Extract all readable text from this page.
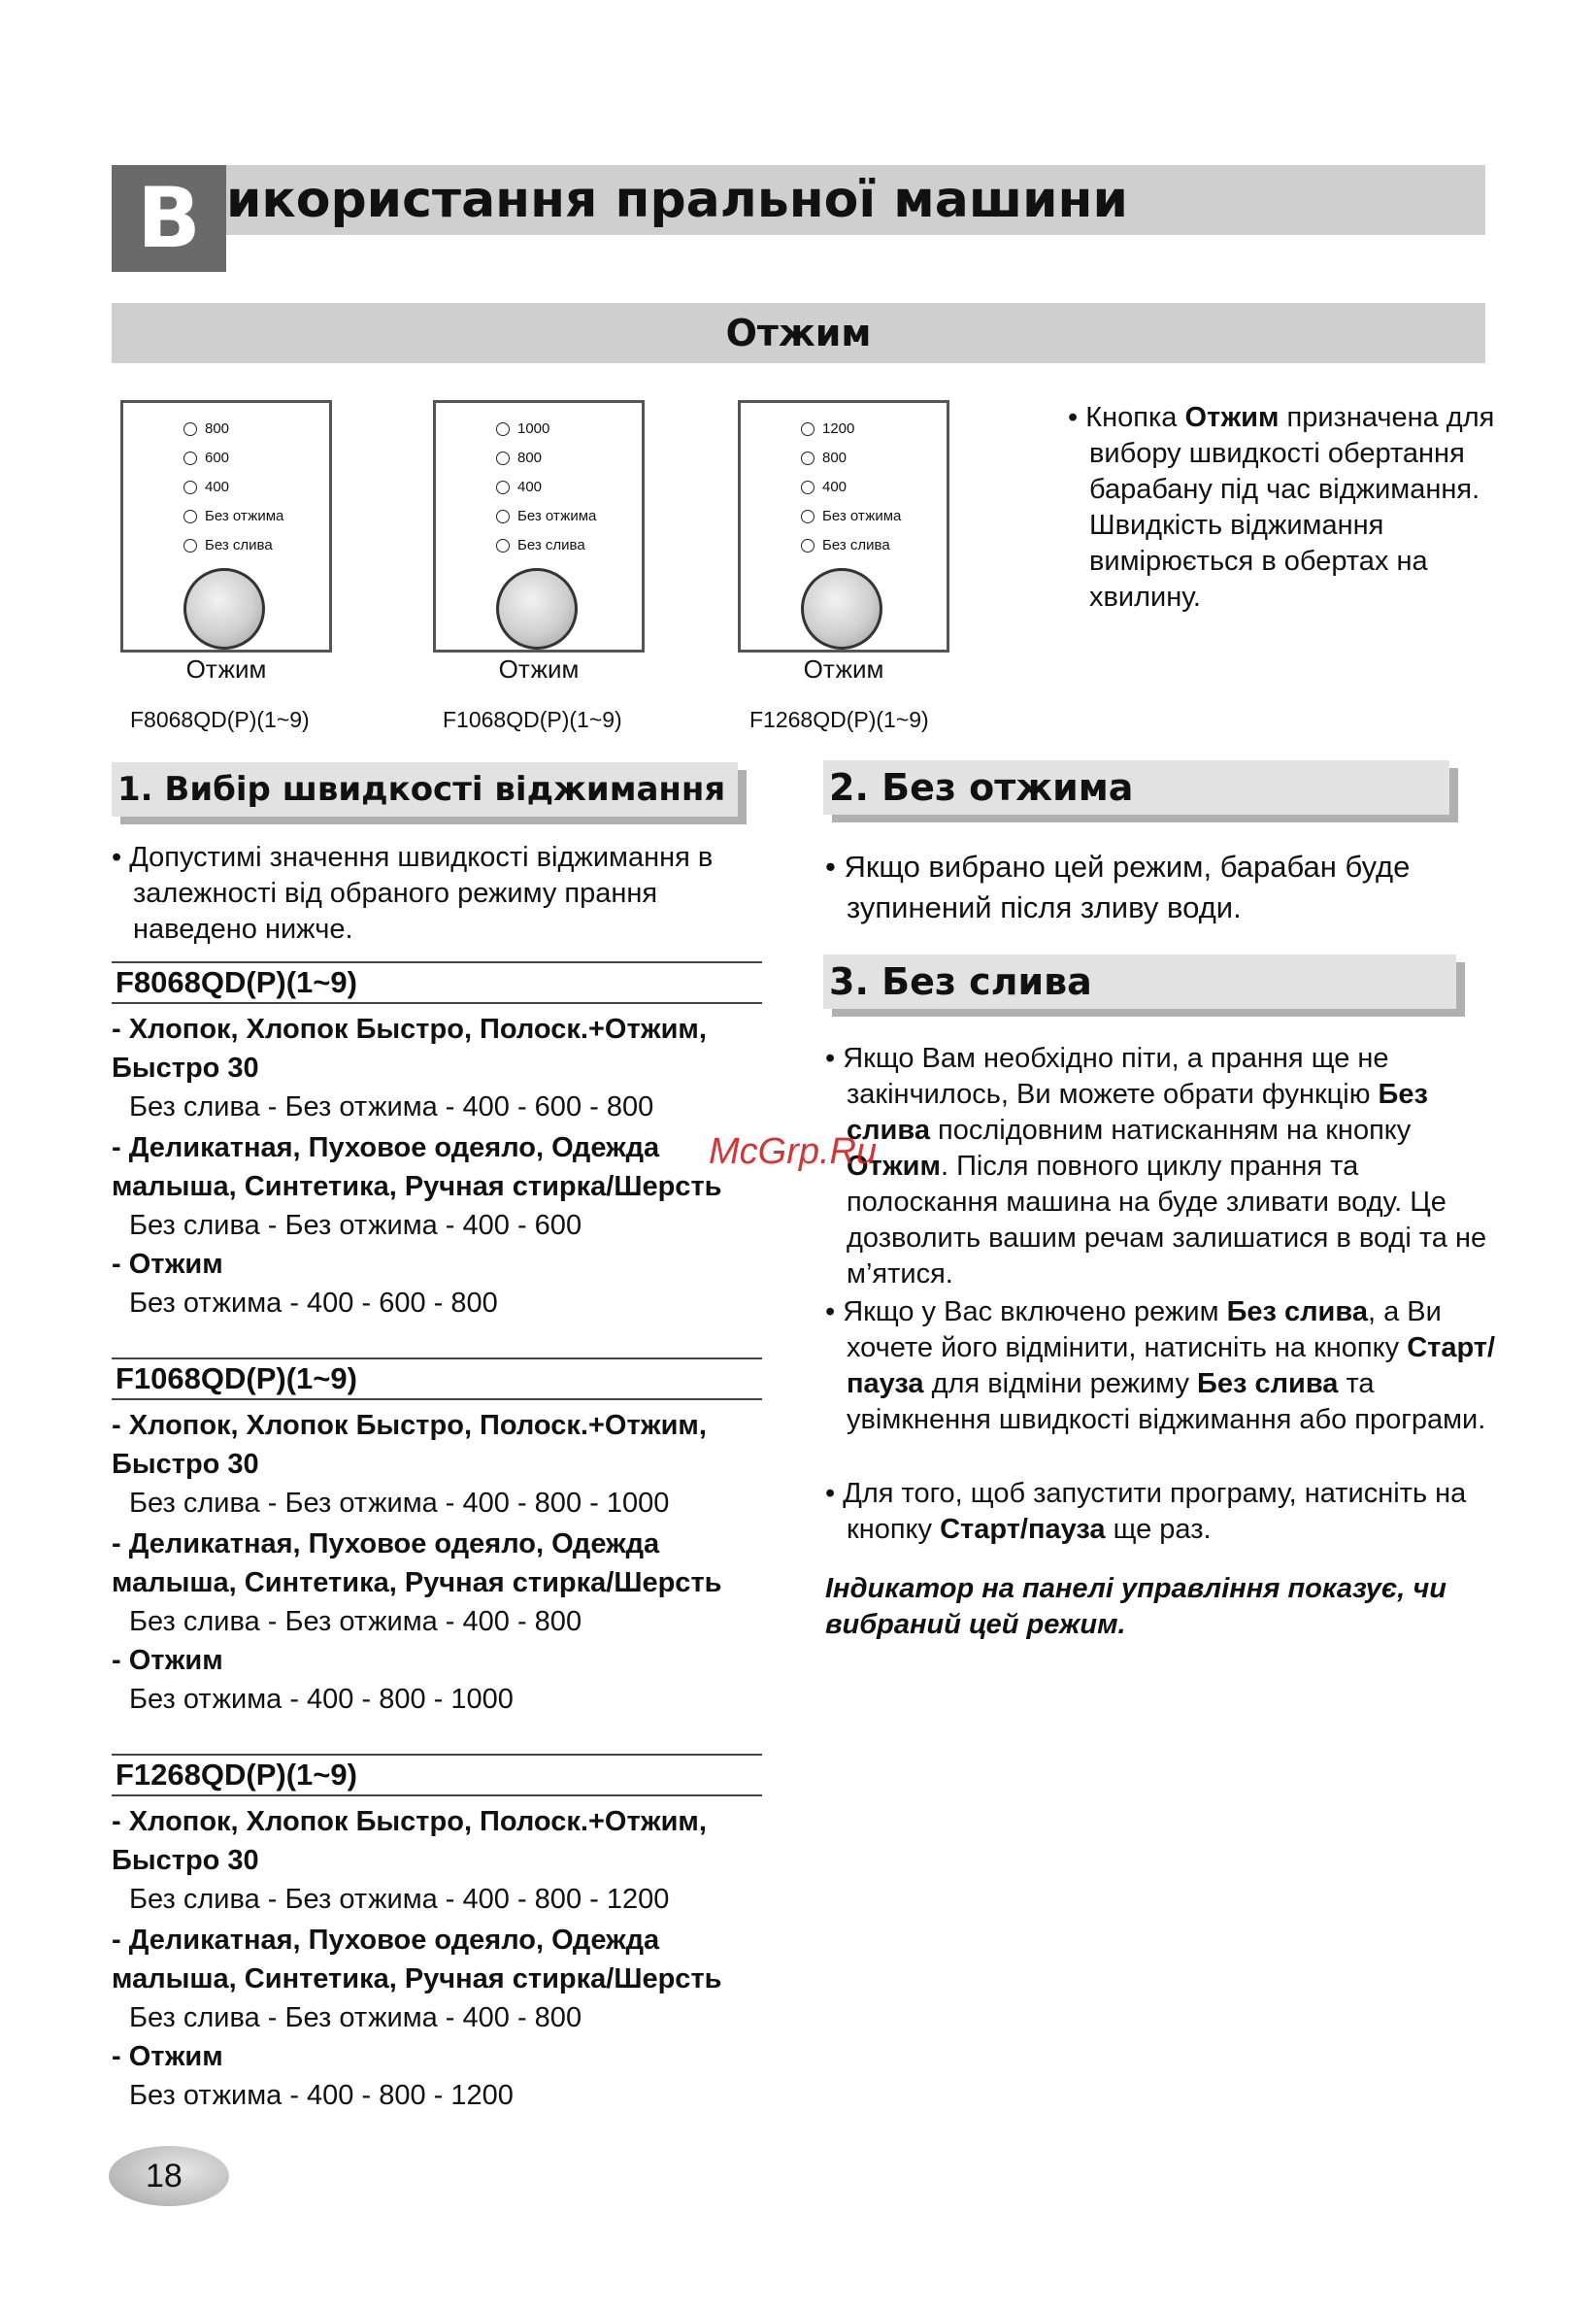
В икористання пральної машини
Отжим
800
600
400
Без отжима
Без слива
Отжим
F8068QD(P)(1~9)
1000
800
400
Без отжима
Без слива
Отжим
F1068QD(P)(1~9)
1200
800
400
Без отжима
Без слива
Отжим
F1268QD(P)(1~9)
• Кнопка Отжим призначена для вибору швидкості обертання барабану під час віджимання. Швидкість віджимання вимірюється в обертах на хвилину.
1. Вибір швидкості віджимання
• Допустимі значення швидкості віджимання в залежності від обраного режиму прання наведено нижче.
F8068QD(P)(1~9)
- Хлопок, Хлопок Быстро, Полоск.+Отжим, Быстро 30
Без слива - Без отжима - 400 - 600 - 800
- Деликатная, Пуховое одеяло, Одежда малыша, Синтетика, Ручная стирка/Шерсть
Без слива - Без отжима - 400 - 600
- Отжим
Без отжима - 400 - 600 - 800
F1068QD(P)(1~9)
- Хлопок, Хлопок Быстро, Полоск.+Отжим, Быстро 30
Без слива - Без отжима - 400 - 800 - 1000
- Деликатная, Пуховое одеяло, Одежда малыша, Синтетика, Ручная стирка/Шерсть
Без слива - Без отжима - 400 - 800
- Отжим
Без отжима - 400 - 800 - 1000
F1268QD(P)(1~9)
- Хлопок, Хлопок Быстро, Полоск.+Отжим, Быстро 30
Без слива - Без отжима - 400 - 800 - 1200
- Деликатная, Пуховое одеяло, Одежда малыша, Синтетика, Ручная стирка/Шерсть
Без слива - Без отжима - 400 - 800
- Отжим
Без отжима - 400 - 800 - 1200
2. Без отжима
• Якщо вибрано цей режим, барабан буде зупинений після зливу води.
3. Без слива
• Якщо Вам необхідно піти, а прання ще не закінчилось, Ви можете обрати функцію Без слива послідовним натисканням на кнопку Отжим. Після повного циклу прання та полоскання машина на буде зливати воду. Це дозволить вашим речам залишатися в воді та не м’ятися.
• Якщо у Вас включено режим Без слива, а Ви хочете його відмінити, натисніть на кнопку Старт/пауза для відміни режиму Без слива та увімкнення швидкості віджимання або програми.
• Для того, щоб запустити програму, натисніть на кнопку Старт/пауза ще раз.
Індикатор на панелі управління показує, чи вибраний цей режим.
McGrp.Ru
18
